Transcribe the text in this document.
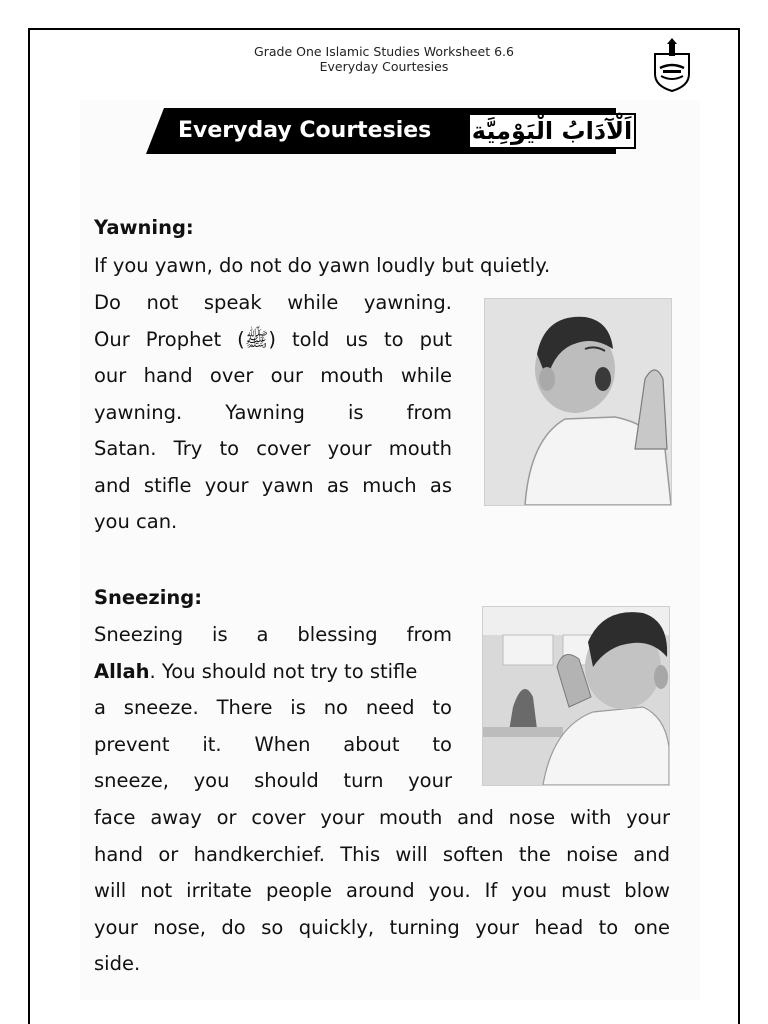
Grade One Islamic Studies Worksheet 6.6
Everyday Courtesies
Everyday Courtesies اَلْآدَابُ الْيَوْمِيَّة
Yawning:
If you yawn, do not do yawn loudly but quietly.
Do not speak while yawning.
Our Prophet (ﷺ) told us to put
our hand over our mouth while
yawning. Yawning is from
Satan. Try to cover your mouth
and stifle your yawn as much as
you can.
Sneezing:
Sneezing is a blessing from
Allah. You should not try to stifle
a sneeze. There is no need to
prevent it. When about to
sneeze, you should turn your
face away or cover your mouth and nose with your
hand or handkerchief. This will soften the noise and
will not irritate people around you. If you must blow
your nose, do so quickly, turning your head to one
side.
